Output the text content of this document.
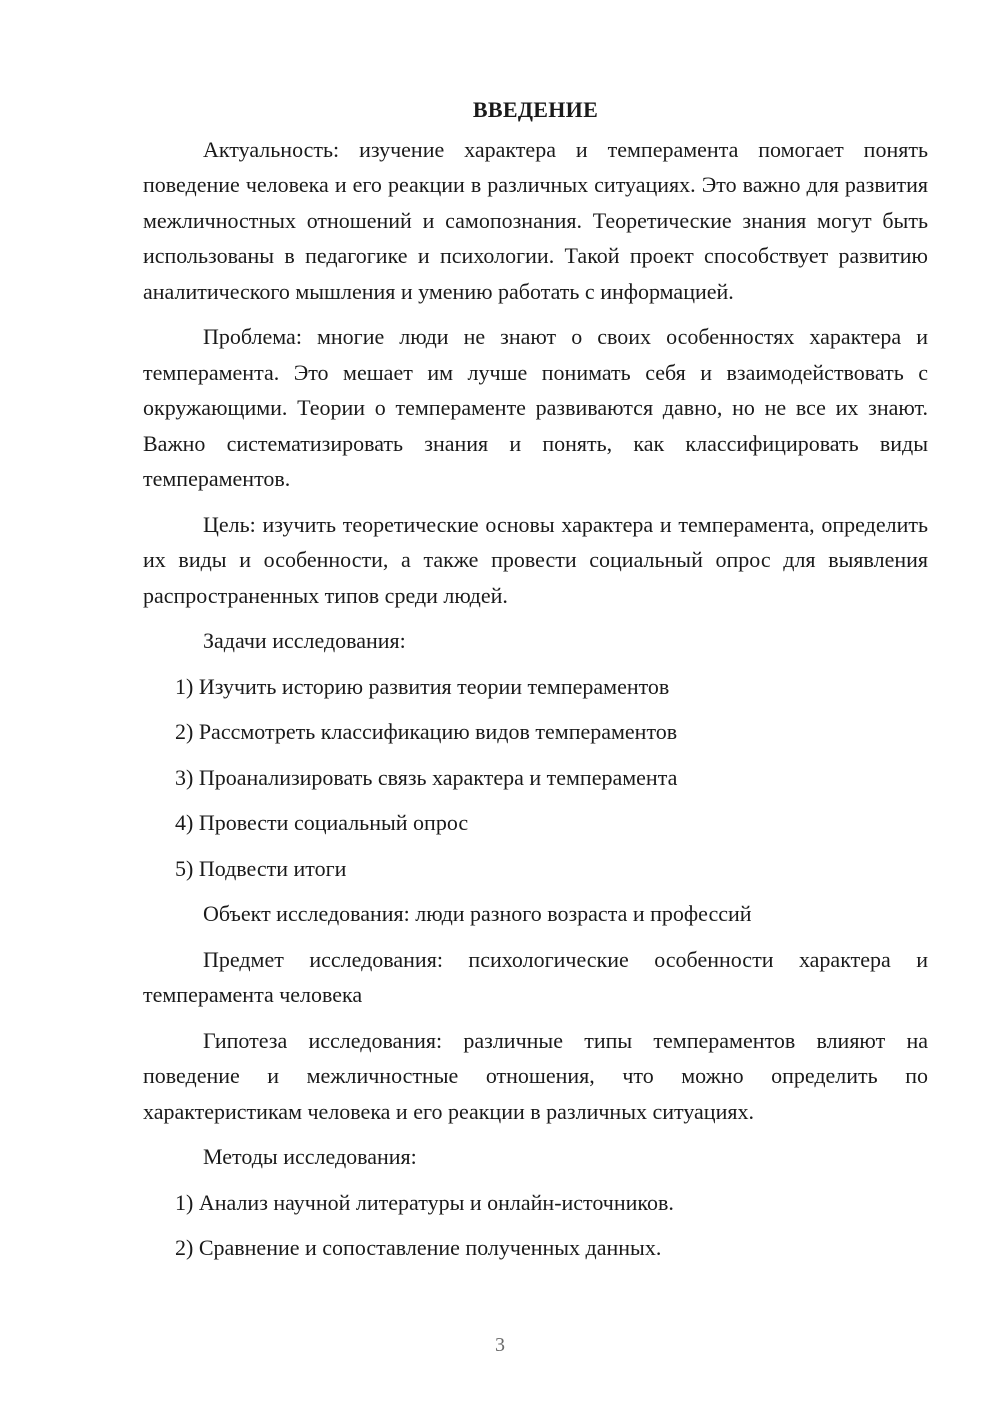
ВВЕДЕНИЕ

Актуальность: изучение характера и темперамента помогает понять поведение человека и его реакции в различных ситуациях. Это важно для развития межличностных отношений и самопознания. Теоретические знания могут быть использованы в педагогике и психологии. Такой проект способствует развитию аналитического мышления и умению работать с информацией.

Проблема: многие люди не знают о своих особенностях характера и темперамента. Это мешает им лучше понимать себя и взаимодействовать с окружающими. Теории о темпераменте развиваются давно, но не все их знают. Важно систематизировать знания и понять, как классифицировать виды темпераментов.

Цель: изучить теоретические основы характера и темперамента, определить их виды и особенности, а также провести социальный опрос для выявления распространенных типов среди людей.

Задачи исследования:

1) Изучить историю развития теории темпераментов
2) Рассмотреть классификацию видов темпераментов
3) Проанализировать связь характера и темперамента
4) Провести социальный опрос
5) Подвести итоги

Объект исследования: люди разного возраста и профессий

Предмет исследования: психологические особенности характера и темперамента человека

Гипотеза исследования: различные типы темпераментов влияют на поведение и межличностные отношения, что можно определить по характеристикам человека и его реакции в различных ситуациях.

Методы исследования:

1) Анализ научной литературы и онлайн-источников.
2) Сравнение и сопоставление полученных данных.
3
